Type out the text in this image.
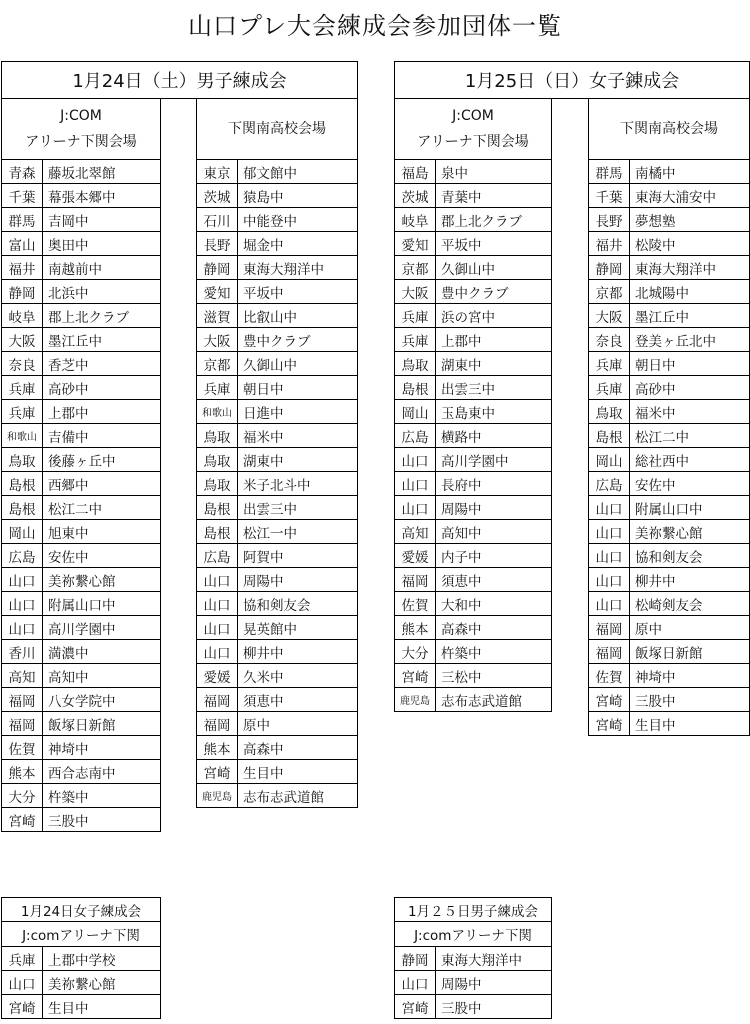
山口プレ大会練成会参加団体一覧
1月24日（土）男子練成会
J:COM
アリーナ下関会場
下関南高校会場
青森	藤坂北翠館
千葉	幕張本郷中
群馬	吉岡中
富山	奥田中
福井	南越前中
静岡	北浜中
岐阜	郡上北クラブ
大阪	墨江丘中
奈良	香芝中
兵庫	高砂中
兵庫	上郡中
和歌山	吉備中
鳥取	後藤ヶ丘中
島根	西郷中
島根	松江二中
岡山	旭東中
広島	安佐中
山口	美祢繋心館
山口	附属山口中
山口	高川学園中
香川	満濃中
高知	高知中
福岡	八女学院中
福岡	飯塚日新館
佐賀	神埼中
熊本	西合志南中
大分	杵築中
宮崎	三股中
東京	郁文館中
茨城	猿島中
石川	中能登中
長野	堀金中
静岡	東海大翔洋中
愛知	平坂中
滋賀	比叡山中
大阪	豊中クラブ
京都	久御山中
兵庫	朝日中
和歌山	日進中
鳥取	福米中
鳥取	湖東中
鳥取	米子北斗中
島根	出雲三中
島根	松江一中
広島	阿賀中
山口	周陽中
山口	協和剣友会
山口	晃英館中
山口	柳井中
愛媛	久米中
福岡	須恵中
福岡	原中
熊本	高森中
宮崎	生目中
鹿児島	志布志武道館
1月25日（日）女子錬成会
J:COM
アリーナ下関会場
下関南高校会場
福島	泉中
茨城	青葉中
岐阜	郡上北クラブ
愛知	平坂中
京都	久御山中
大阪	豊中クラブ
兵庫	浜の宮中
兵庫	上郡中
鳥取	湖東中
島根	出雲三中
岡山	玉島東中
広島	横路中
山口	高川学園中
山口	長府中
山口	周陽中
高知	高知中
愛媛	内子中
福岡	須恵中
佐賀	大和中
熊本	高森中
大分	杵築中
宮崎	三松中
鹿児島	志布志武道館
群馬	南橘中
千葉	東海大浦安中
長野	夢想塾
福井	松陵中
静岡	東海大翔洋中
京都	北城陽中
大阪	墨江丘中
奈良	登美ヶ丘北中
兵庫	朝日中
兵庫	高砂中
鳥取	福米中
島根	松江二中
岡山	総社西中
広島	安佐中
山口	附属山口中
山口	美祢繋心館
山口	協和剣友会
山口	柳井中
山口	松崎剣友会
福岡	原中
福岡	飯塚日新館
佐賀	神埼中
宮崎	三股中
宮崎	生目中
1月24日女子練成会
J:comアリーナ下関
兵庫	上郡中学校
山口	美祢繋心館
宮崎	生目中
1月２５日男子練成会
J:comアリーナ下関
静岡	東海大翔洋中
山口	周陽中
宮崎	三股中
